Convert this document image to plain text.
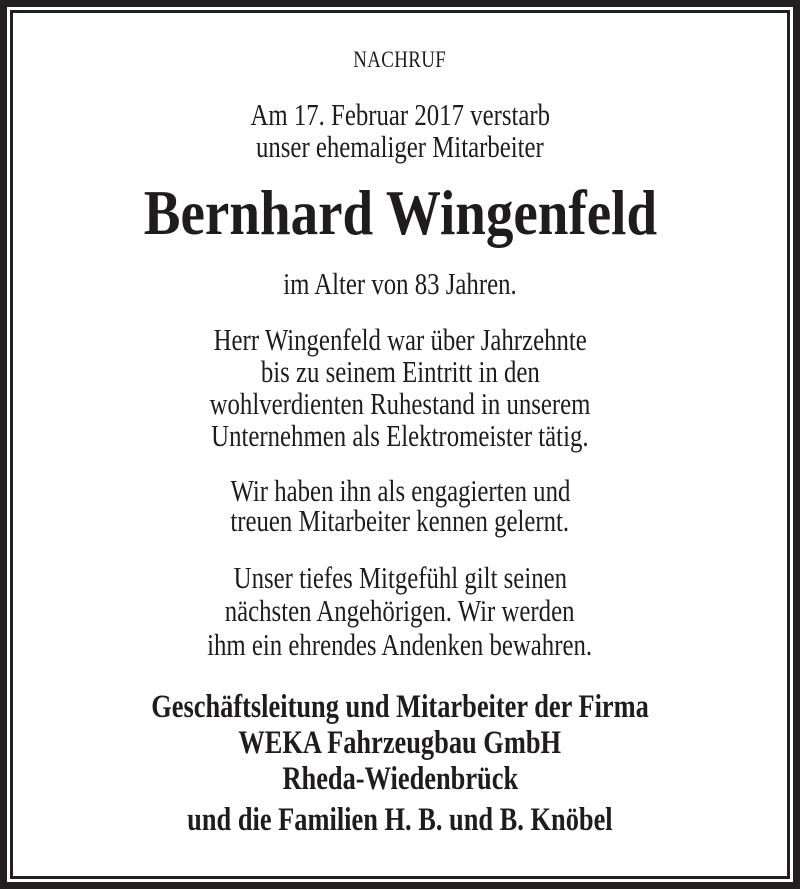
NACHRUF
Am 17. Februar 2017 verstarb
unser ehemaliger Mitarbeiter
Bernhard Wingenfeld
im Alter von 83 Jahren.
Herr Wingenfeld war über Jahrzehnte
bis zu seinem Eintritt in den
wohlverdienten Ruhestand in unserem
Unternehmen als Elektromeister tätig.
Wir haben ihn als engagierten und
treuen Mitarbeiter kennen gelernt.
Unser tiefes Mitgefühl gilt seinen
nächsten Angehörigen. Wir werden
ihm ein ehrendes Andenken bewahren.
Geschäftsleitung und Mitarbeiter der Firma
WEKA Fahrzeugbau GmbH
Rheda-Wiedenbrück
und die Familien H. B. und B. Knöbel
